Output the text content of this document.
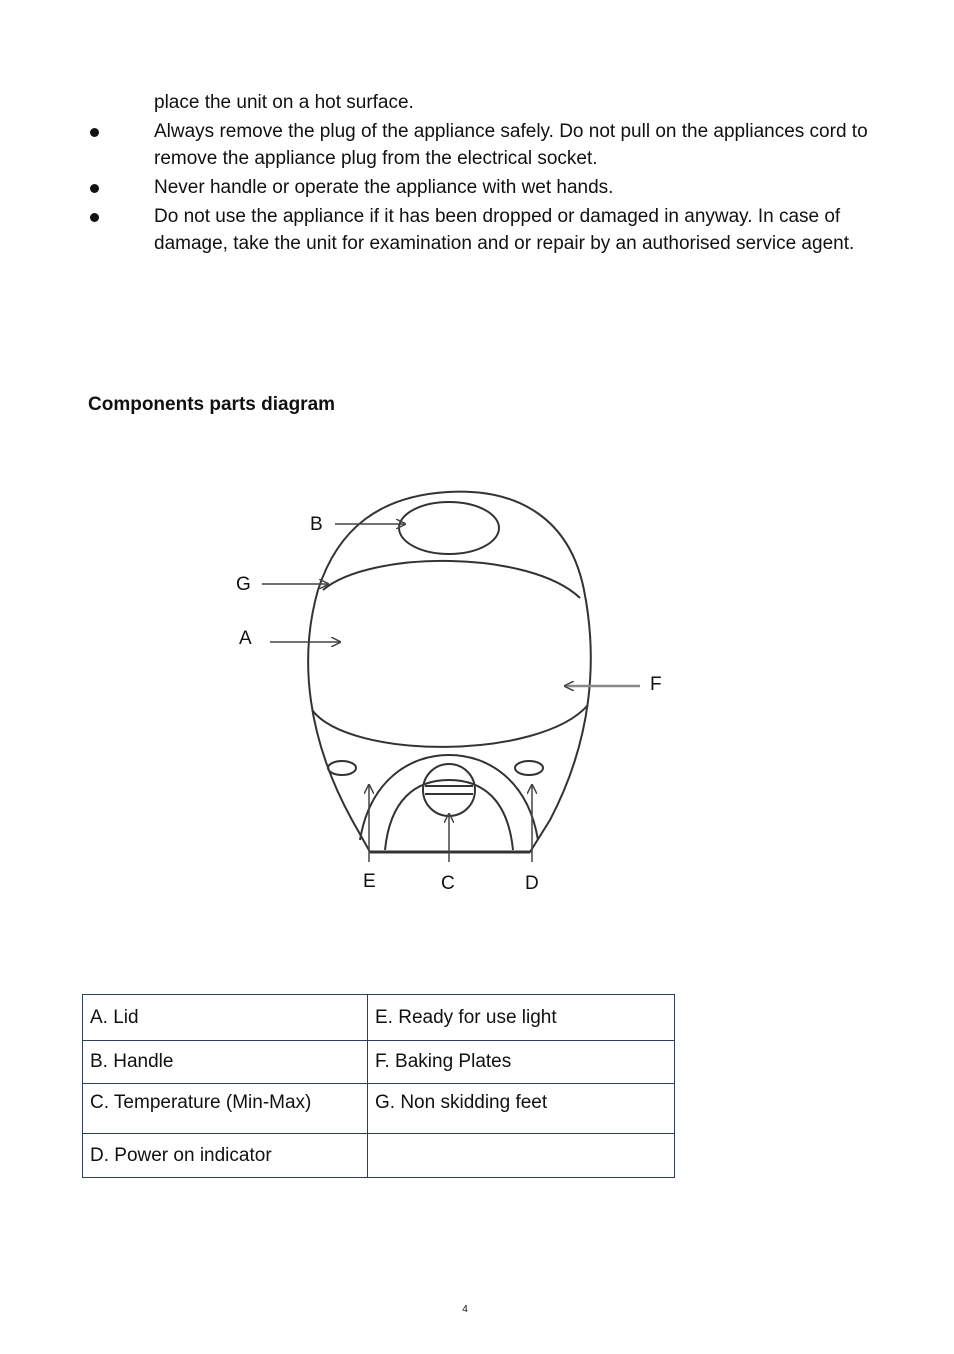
place the unit on a hot surface.

Always remove the plug of the appliance safely. Do not pull on the appliances cord to remove the appliance plug from the electrical socket.
Never handle or operate the appliance with wet hands.
Do not use the appliance if it has been dropped or damaged in anyway. In case of damage, take the unit for examination and or repair by an authorised service agent.
Components parts diagram
B
G
A
F
E	C	D
A. Lid	E. Ready for use light
B. Handle	F. Baking Plates
C. Temperature (Min-Max)	G. Non skidding feet
D. Power on indicator	
4
